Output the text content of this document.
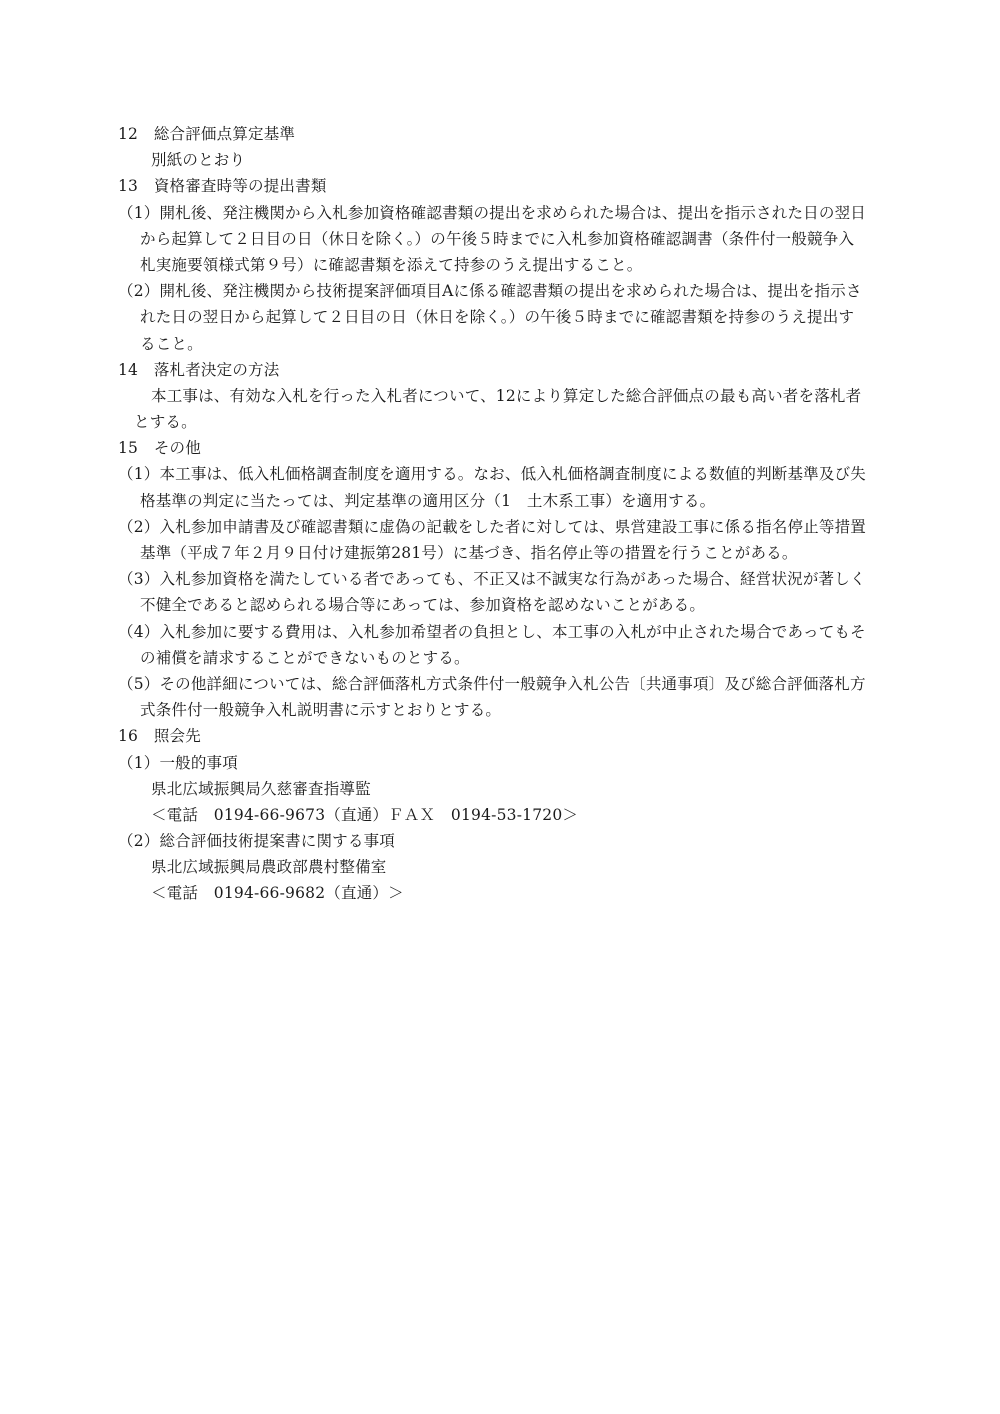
12　総合評価点算定基準
別紙のとおり
13　資格審査時等の提出書類
（1）開札後、発注機関から入札参加資格確認書類の提出を求められた場合は、提出を指示された日の翌日
から起算して２日目の日（休日を除く。）の午後５時までに入札参加資格確認調書（条件付一般競争入
札実施要領様式第９号）に確認書類を添えて持参のうえ提出すること。
（2）開札後、発注機関から技術提案評価項目Aに係る確認書類の提出を求められた場合は、提出を指示さ
れた日の翌日から起算して２日目の日（休日を除く。）の午後５時までに確認書類を持参のうえ提出す
ること。
14　落札者決定の方法
本工事は、有効な入札を行った入札者について、12により算定した総合評価点の最も高い者を落札者
とする。
15　その他
（1）本工事は、低入札価格調査制度を適用する。なお、低入札価格調査制度による数値的判断基準及び失
格基準の判定に当たっては、判定基準の適用区分（1　土木系工事）を適用する。
（2）入札参加申請書及び確認書類に虚偽の記載をした者に対しては、県営建設工事に係る指名停止等措置
基準（平成７年２月９日付け建振第281号）に基づき、指名停止等の措置を行うことがある。
（3）入札参加資格を満たしている者であっても、不正又は不誠実な行為があった場合、経営状況が著しく
不健全であると認められる場合等にあっては、参加資格を認めないことがある。
（4）入札参加に要する費用は、入札参加希望者の負担とし、本工事の入札が中止された場合であってもそ
の補償を請求することができないものとする。
（5）その他詳細については、総合評価落札方式条件付一般競争入札公告〔共通事項〕及び総合評価落札方
式条件付一般競争入札説明書に示すとおりとする。
16　照会先
（1）一般的事項
県北広域振興局久慈審査指導監
＜電話　0194-66-9673（直通）ＦＡＸ　0194-53-1720＞
（2）総合評価技術提案書に関する事項
県北広域振興局農政部農村整備室
＜電話　0194-66-9682（直通）＞
